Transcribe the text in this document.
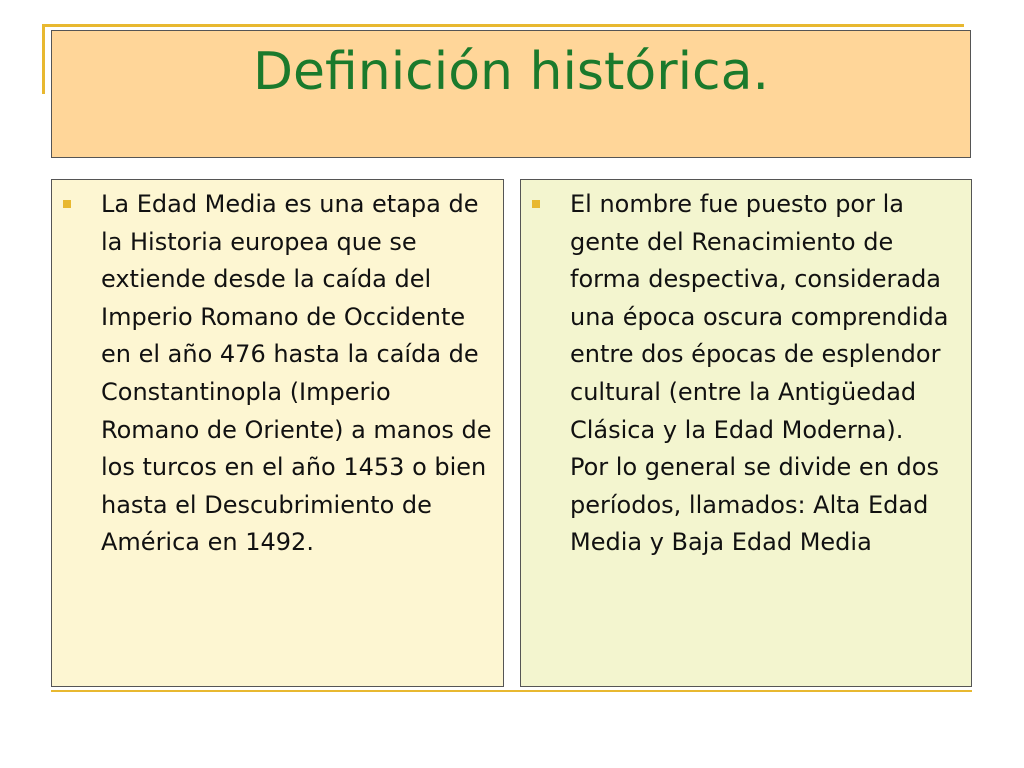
Definición histórica.

La Edad Media es una etapa de la Historia europea que se extiende desde la caída del Imperio Romano de Occidente en el año 476 hasta la caída de Constantinopla (Imperio Romano de Oriente) a manos de los turcos en el año 1453 o bien hasta el Descubrimiento de América en 1492.

El nombre fue puesto por la gente del Renacimiento de forma despectiva, considerada una época oscura comprendida entre dos épocas de esplendor cultural (entre la Antigüedad Clásica y la Edad Moderna).

Por lo general se divide en dos períodos, llamados: Alta Edad Media y Baja Edad Media
